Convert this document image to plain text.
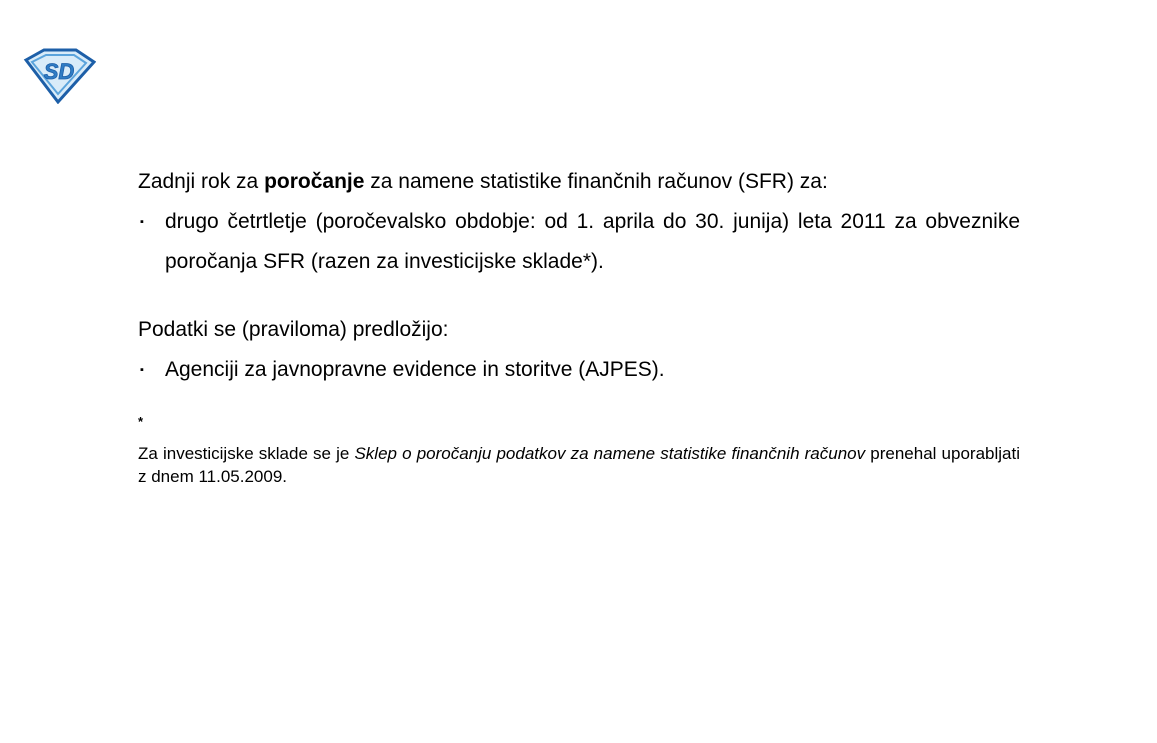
SD

Zadnji rok za poročanje za namene statistike finančnih računov (SFR) za:

▪ drugo četrtletje (poročevalsko obdobje: od 1. aprila do 30. junija) leta 2011 za obveznike poročanja SFR (razen za investicijske sklade*).

Podatki se (praviloma) predložijo:

▪ Agenciji za javnopravne evidence in storitve (AJPES).
*
Za investicijske sklade se je Sklep o poročanju podatkov za namene statistike finančnih računov prenehal uporabljati z dnem 11.05.2009.
